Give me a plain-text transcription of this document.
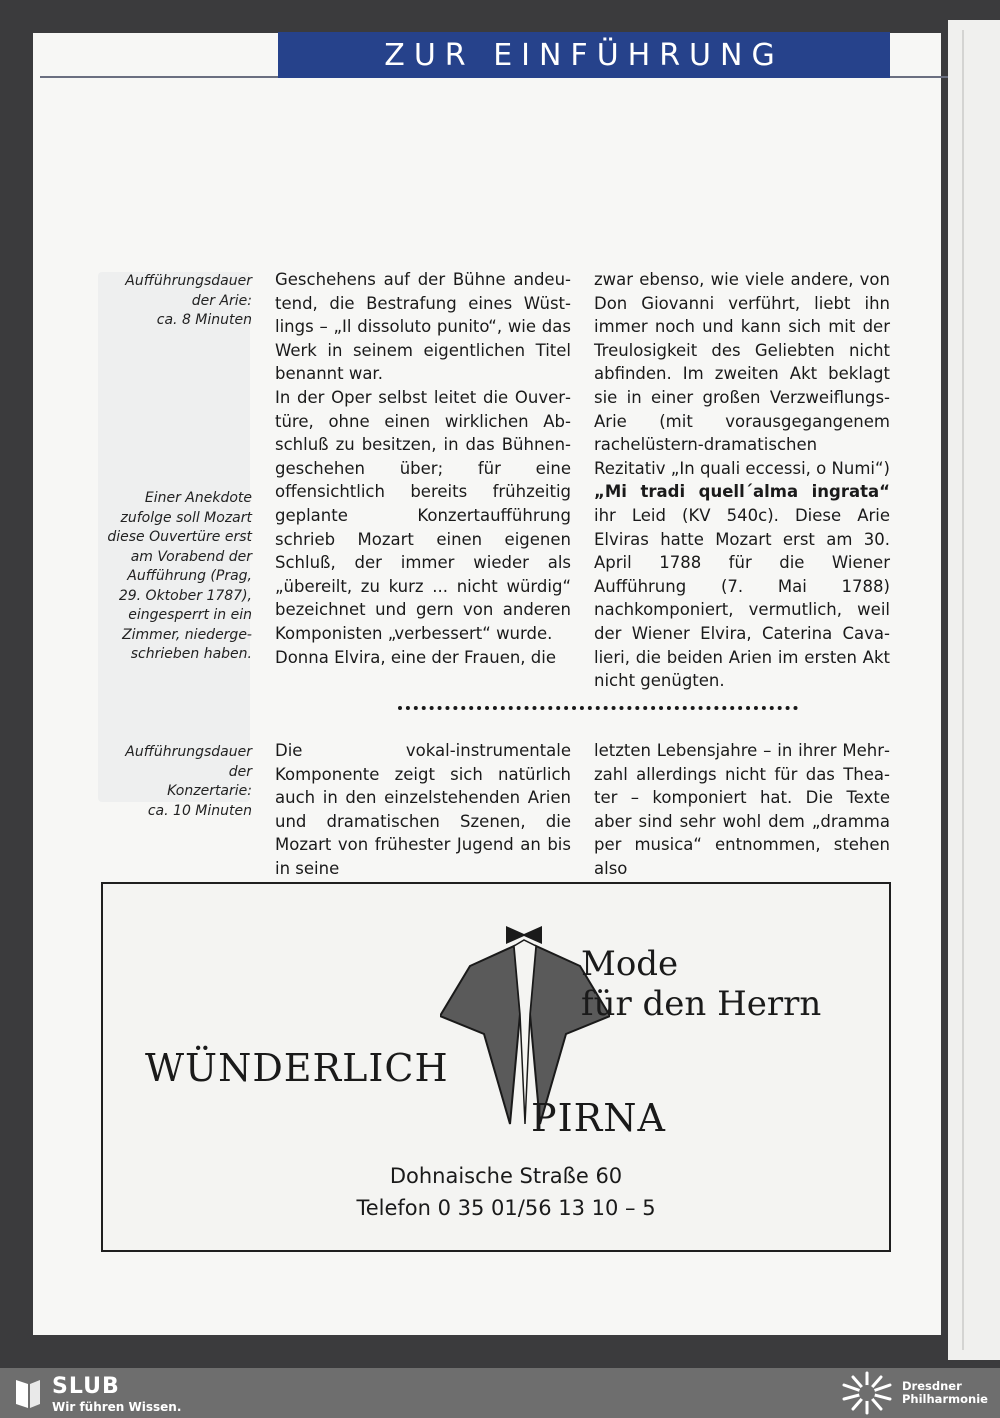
ZUR EINFÜHRUNG
Aufführungsdauer
der Arie:
ca. 8 Minuten
Einer Anekdote
zufolge soll Mozart
diese Ouvertüre erst
am Vorabend der
Aufführung (Prag,
29. Oktober 1787),
eingesperrt in ein
Zimmer, niederge-
schrieben haben.
Aufführungsdauer der
Konzertarie:
ca. 10 Minuten

Geschehens auf der Bühne andeutend, die Bestrafung eines Wüstlings – „Il dissoluto punito“, wie das Werk in seinem eigentlichen Titel benannt war.

In der Oper selbst leitet die Ouvertüre, ohne einen wirklichen Abschluß zu besitzen, in das Bühnengeschehen über; für eine offensichtlich bereits frühzeitig geplante Konzertaufführung schrieb Mozart einen eigenen Schluß, der immer wieder als „übereilt, zu kurz ... nicht würdig“ bezeichnet und gern von anderen Komponisten „verbessert“ wurde.

Donna Elvira, eine der Frauen, die

zwar ebenso, wie viele andere, von Don Giovanni verführt, liebt ihn immer noch und kann sich mit der Treulosigkeit des Geliebten nicht abfinden. Im zweiten Akt beklagt sie in einer großen Verzweiflungs-Arie (mit vorausgegangenem rachelüstern-dramatischen Rezitativ „In quali eccessi, o Numi“) „Mi tradi quell´alma ingrata“ ihr Leid (KV 540c). Diese Arie Elviras hatte Mozart erst am 30. April 1788 für die Wiener Aufführung (7. Mai 1788) nachkomponiert, vermutlich, weil der Wiener Elvira, Caterina Cavalieri, die beiden Arien im ersten Akt nicht genügten.

Die vokal-instrumentale Komponente zeigt sich natürlich auch in den einzelstehenden Arien und dramatischen Szenen, die Mozart von frühester Jugend an bis in seine

letzten Lebensjahre – in ihrer Mehrzahl allerdings nicht für das Theater – komponiert hat. Die Texte aber sind sehr wohl dem „dramma per musica“ entnommen, stehen also

Mode
für den Herrn
WÜNDERLICH
PIRNA
Dohnaische Straße 60
Telefon 0 35 01/56 13 10 – 5
SLUB
Wir führen Wissen.
Dresdner
Philharmonie
